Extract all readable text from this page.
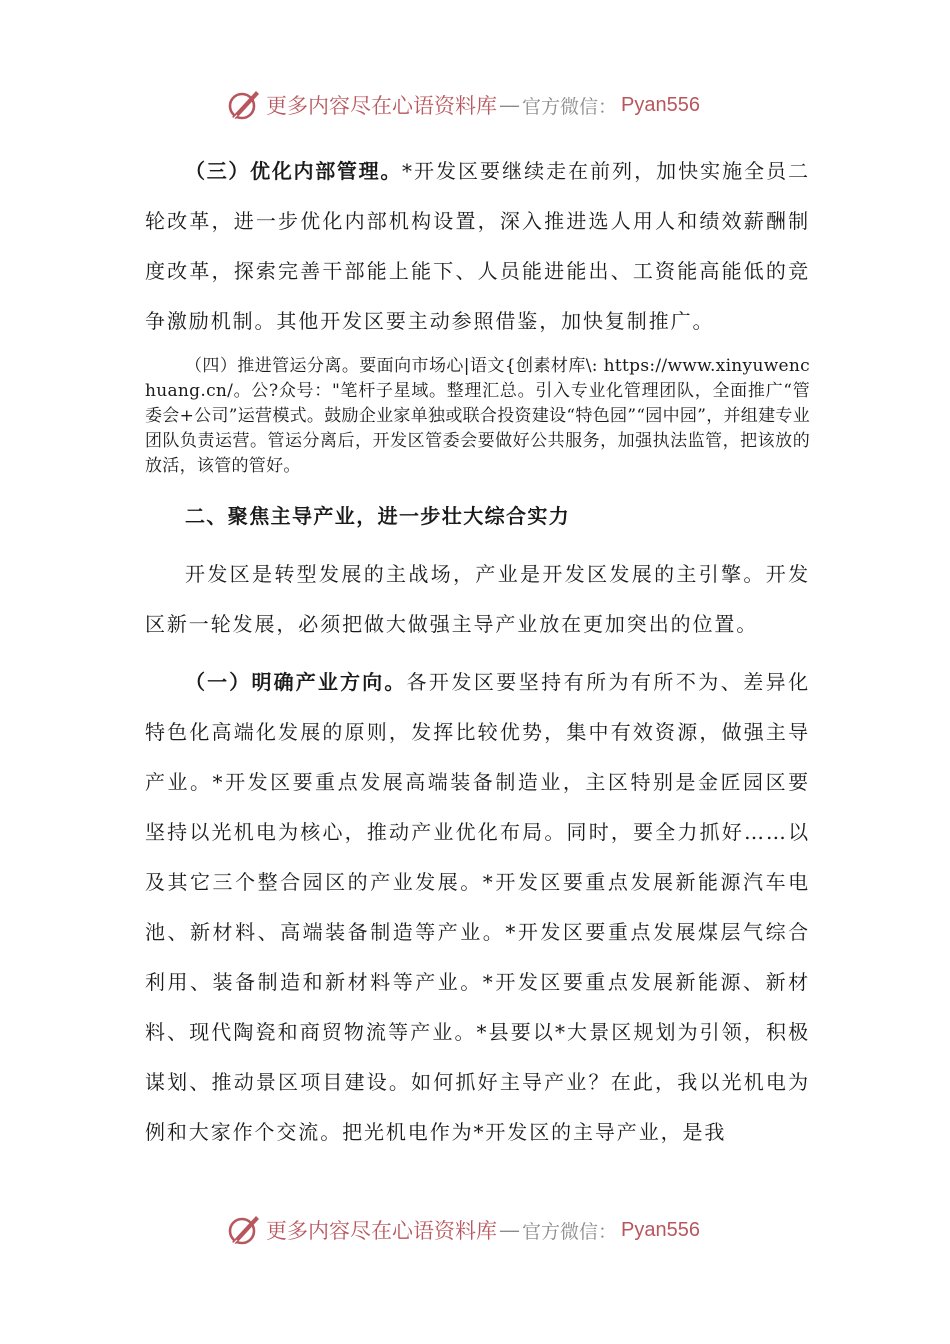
更多内容尽在心语资料库 — 官方微信： Pyan556

（三）优化内部管理。*开发区要继续走在前列，加快实施全员二轮改革，进一步优化内部机构设置，深入推进选人用人和绩效薪酬制度改革，探索完善干部能上能下、人员能进能出、工资能高能低的竞争激励机制。其他开发区要主动参照借鉴，加快复制推广。

（四）推进管运分离。要面向市场心|语文{创素材库\: https://www.xinyuwenchuang.cn/。公?众号："笔杆子星域。整理汇总。引入专业化管理团队，全面推广“管委会+公司”运营模式。鼓励企业家单独或联合投资建设“特色园”“园中园”，并组建专业团队负责运营。管运分离后，开发区管委会要做好公共服务，加强执法监管，把该放的放活，该管的管好。

二、聚焦主导产业，进一步壮大综合实力

开发区是转型发展的主战场，产业是开发区发展的主引擎。开发区新一轮发展，必须把做大做强主导产业放在更加突出的位置。

（一）明确产业方向。各开发区要坚持有所为有所不为、差异化特色化高端化发展的原则，发挥比较优势，集中有效资源，做强主导产业。*开发区要重点发展高端装备制造业，主区特别是金匠园区要坚持以光机电为核心，推动产业优化布局。同时，要全力抓好……以及其它三个整合园区的产业发展。*开发区要重点发展新能源汽车电池、新材料、高端装备制造等产业。*开发区要重点发展煤层气综合利用、装备制造和新材料等产业。*开发区要重点发展新能源、新材料、现代陶瓷和商贸物流等产业。*县要以*大景区规划为引领，积极谋划、推动景区项目建设。如何抓好主导产业？在此，我以光机电为例和大家作个交流。把光机电作为*开发区的主导产业，是我

更多内容尽在心语资料库 — 官方微信： Pyan556
